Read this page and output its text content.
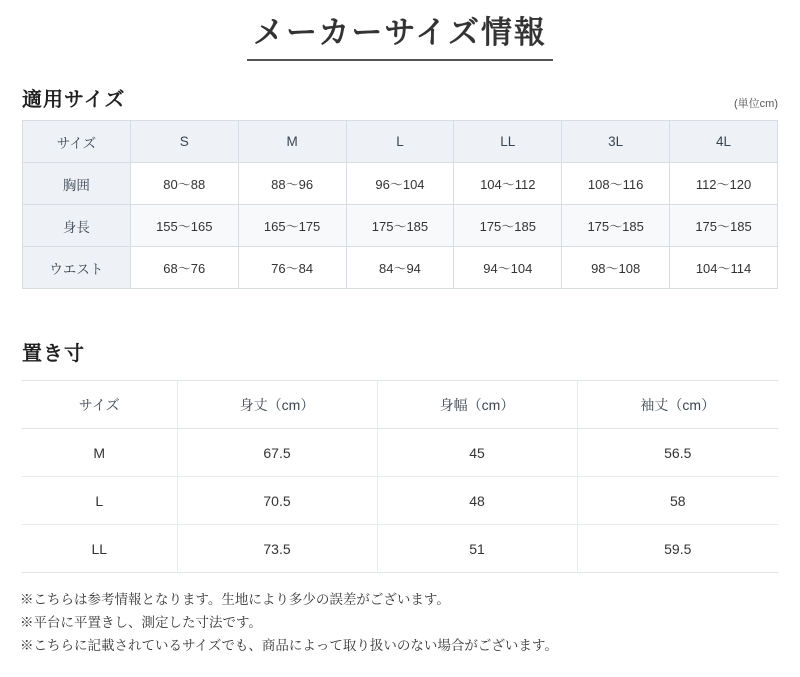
メーカーサイズ情報
適用サイズ	(単位cm)
サイズ	S	M	L	LL	3L	4L
胸囲	80〜88	88〜96	96〜104	104〜112	108〜116	112〜120
身長	155〜165	165〜175	175〜185	175〜185	175〜185	175〜185
ウエスト	68〜76	76〜84	84〜94	94〜104	98〜108	104〜114
置き寸
サイズ	身丈（cm）	身幅（cm）	袖丈（cm）
M	67.5	45	56.5
L	70.5	48	58
LL	73.5	51	59.5
※こちらは参考情報となります。生地により多少の誤差がございます。
※平台に平置きし、測定した寸法です。
※こちらに記載されているサイズでも、商品によって取り扱いのない場合がございます。
